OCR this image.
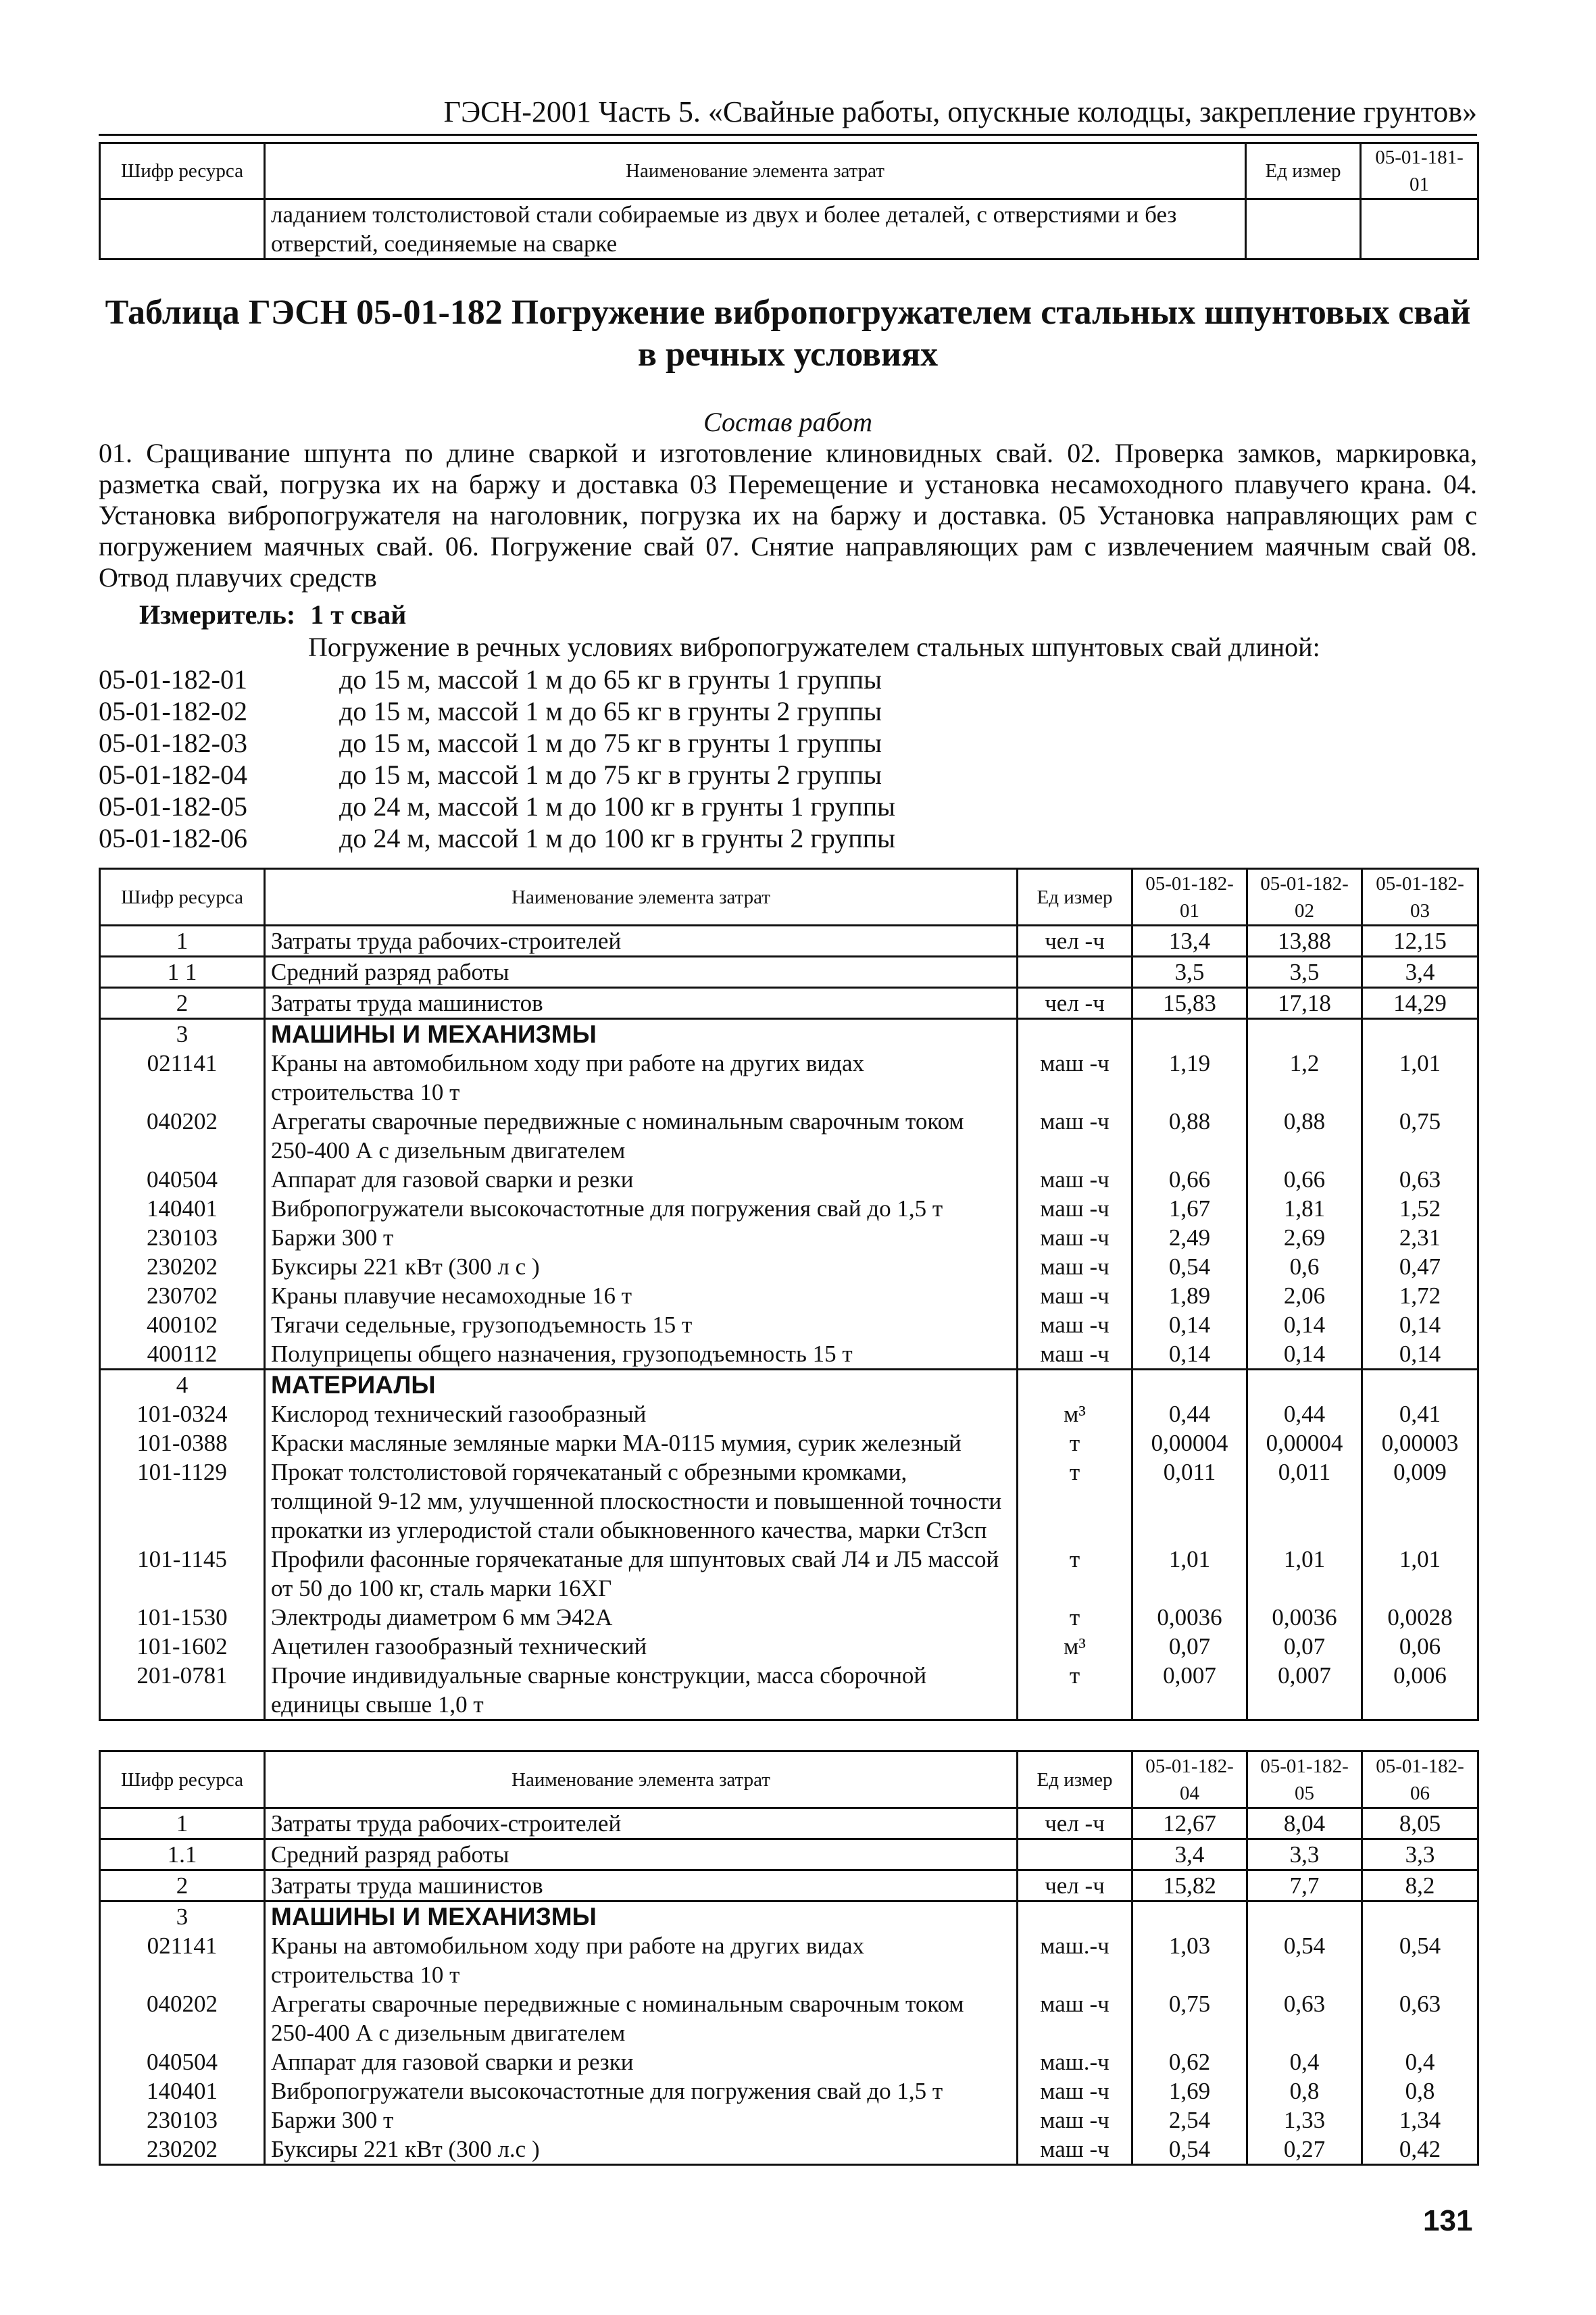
ГЭСН-2001 Часть 5. «Свайные работы, опускные колодцы, закрепление грунтов»
Шифр ресурса	Наименование элемента затрат	Ед измер	05-01-181-01
	ладанием толстолистовой стали собираемые из двух и более деталей, с отверстиями и без отверстий, соединяемые на сварке		
Таблица ГЭСН 05-01-182 Погружение вибропогружателем стальных шпунтовых свай в речных условиях
Состав работ
01. Сращивание шпунта по длине сваркой и изготовление клиновидных свай. 02. Проверка замков, маркировка, разметка свай, погрузка их на баржу и доставка 03 Перемещение и установка несамоходного плавучего крана. 04. Установка вибропогружателя на наголовник, погрузка их на баржу и доставка. 05 Установка направляющих рам с погружением маячных свай. 06. Погружение свай 07. Снятие направляющих рам с извлечением маячным свай 08. Отвод плавучих средств
Измеритель: 1 т свай
Погружение в речных условиях вибропогружателем стальных шпунтовых свай длиной:
05-01-182-01	до 15 м, массой 1 м до 65 кг в грунты 1 группы
05-01-182-02	до 15 м, массой 1 м до 65 кг в грунты 2 группы
05-01-182-03	до 15 м, массой 1 м до 75 кг в грунты 1 группы
05-01-182-04	до 15 м, массой 1 м до 75 кг в грунты 2 группы
05-01-182-05	до 24 м, массой 1 м до 100 кг в грунты 1 группы
05-01-182-06	до 24 м, массой 1 м до 100 кг в грунты 2 группы
Шифр ресурса	Наименование элемента затрат	Ед измер	05-01-182-01	05-01-182-02	05-01-182-03
1	Затраты труда рабочих-строителей	чел -ч	13,4	13,88	12,15
1 1	Средний разряд работы		3,5	3,5	3,4
2	Затраты труда машинистов	чел -ч	15,83	17,18	14,29
3	МАШИНЫ И МЕХАНИЗМЫ				
021141	Краны на автомобильном ходу при работе на других видах строительства 10 т	маш -ч	1,19	1,2	1,01
040202	Агрегаты сварочные передвижные с номинальным сварочным током 250-400 А с дизельным двигателем	маш -ч	0,88	0,88	0,75
040504	Аппарат для газовой сварки и резки	маш -ч	0,66	0,66	0,63
140401	Вибропогружатели высокочастотные для погружения свай до 1,5 т	маш -ч	1,67	1,81	1,52
230103	Баржи 300 т	маш -ч	2,49	2,69	2,31
230202	Буксиры 221 кВт (300 л с )	маш -ч	0,54	0,6	0,47
230702	Краны плавучие несамоходные 16 т	маш -ч	1,89	2,06	1,72
400102	Тягачи седельные, грузоподъемность 15 т	маш -ч	0,14	0,14	0,14
400112	Полуприцепы общего назначения, грузоподъемность 15 т	маш -ч	0,14	0,14	0,14
4	МАТЕРИАЛЫ				
101-0324	Кислород технический газообразный	м³	0,44	0,44	0,41
101-0388	Краски масляные земляные марки МА-0115 мумия, сурик железный	т	0,00004	0,00004	0,00003
101-1129	Прокат толстолистовой горячекатаный с обрезными кромками, толщиной 9-12 мм, улучшенной плоскостности и повышенной точности прокатки из углеродистой стали обыкновенного качества, марки Ст3сп	т	0,011	0,011	0,009
101-1145	Профили фасонные горячекатаные для шпунтовых свай Л4 и Л5 массой от 50 до 100 кг, сталь марки 16ХГ	т	1,01	1,01	1,01
101-1530	Электроды диаметром 6 мм Э42А	т	0,0036	0,0036	0,0028
101-1602	Ацетилен газообразный технический	м³	0,07	0,07	0,06
201-0781	Прочие индивидуальные сварные конструкции, масса сборочной единицы свыше 1,0 т	т	0,007	0,007	0,006
Шифр ресурса	Наименование элемента затрат	Ед измер	05-01-182-04	05-01-182-05	05-01-182-06
1	Затраты труда рабочих-строителей	чел -ч	12,67	8,04	8,05
1.1	Средний разряд работы		3,4	3,3	3,3
2	Затраты труда машинистов	чел -ч	15,82	7,7	8,2
3	МАШИНЫ И МЕХАНИЗМЫ				
021141	Краны на автомобильном ходу при работе на других видах строительства 10 т	маш.-ч	1,03	0,54	0,54
040202	Агрегаты сварочные передвижные с номинальным сварочным током 250-400 А с дизельным двигателем	маш -ч	0,75	0,63	0,63
040504	Аппарат для газовой сварки и резки	маш.-ч	0,62	0,4	0,4
140401	Вибропогружатели высокочастотные для погружения свай до 1,5 т	маш -ч	1,69	0,8	0,8
230103	Баржи 300 т	маш -ч	2,54	1,33	1,34
230202	Буксиры 221 кВт (300 л.с )	маш -ч	0,54	0,27	0,42
131
